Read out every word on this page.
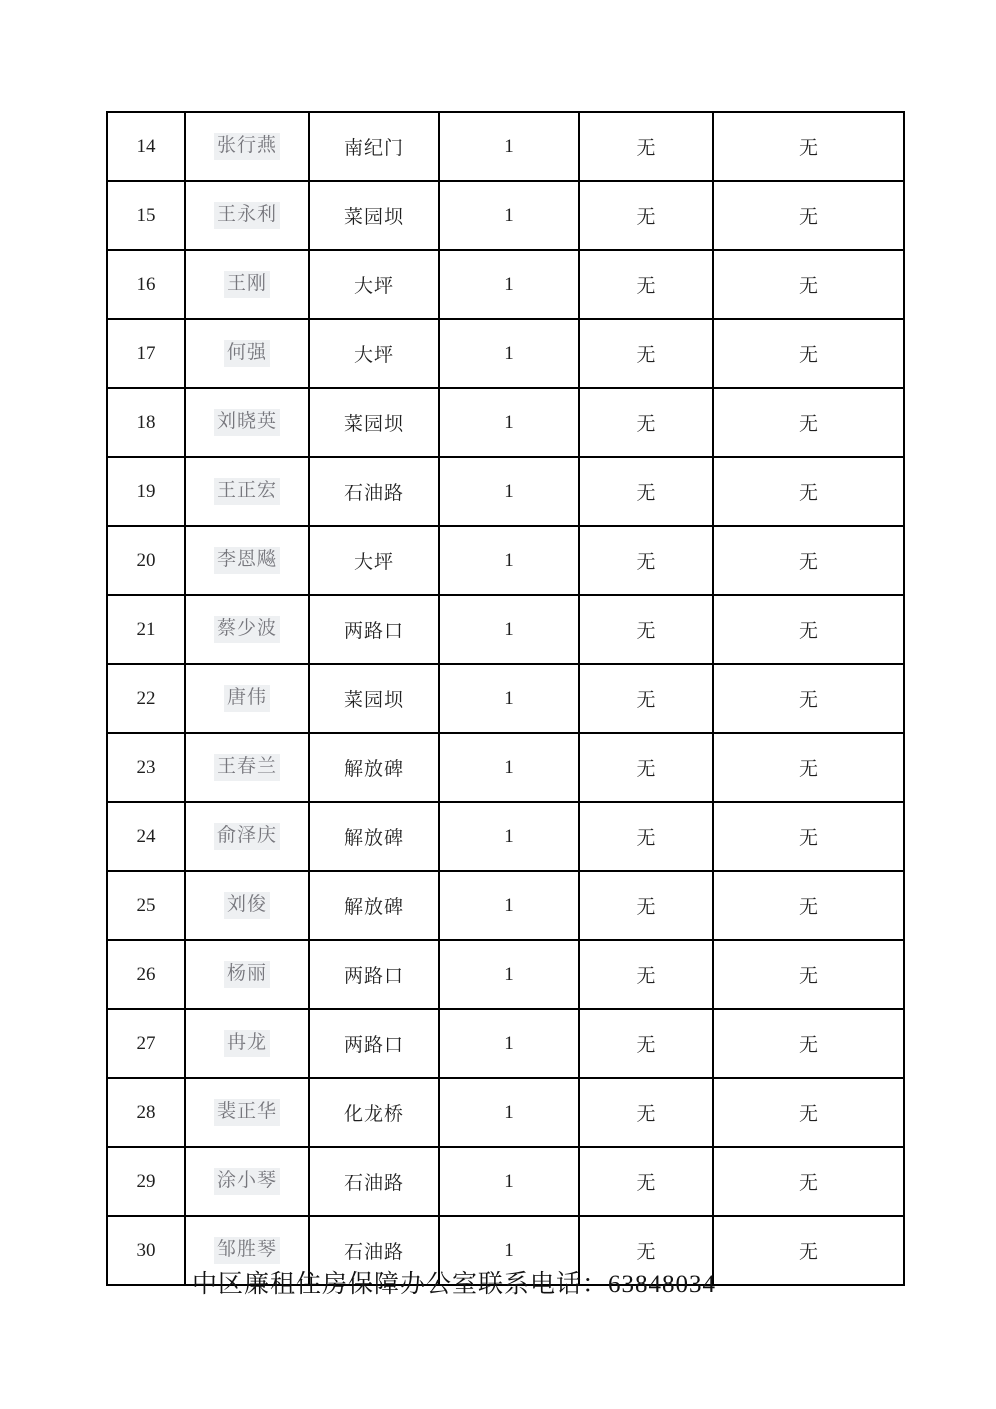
14	张行燕	南纪门	1	无	无
15	王永利	菜园坝	1	无	无
16	王刚	大坪	1	无	无
17	何强	大坪	1	无	无
18	刘晓英	菜园坝	1	无	无
19	王正宏	石油路	1	无	无
20	李恩飚	大坪	1	无	无
21	蔡少波	两路口	1	无	无
22	唐伟	菜园坝	1	无	无
23	王春兰	解放碑	1	无	无
24	俞泽庆	解放碑	1	无	无
25	刘俊	解放碑	1	无	无
26	杨丽	两路口	1	无	无
27	冉龙	两路口	1	无	无
28	裴正华	化龙桥	1	无	无
29	涂小琴	石油路	1	无	无
30	邹胜琴	石油路	1	无	无
中区廉租住房保障办公室联系电话：63848034
